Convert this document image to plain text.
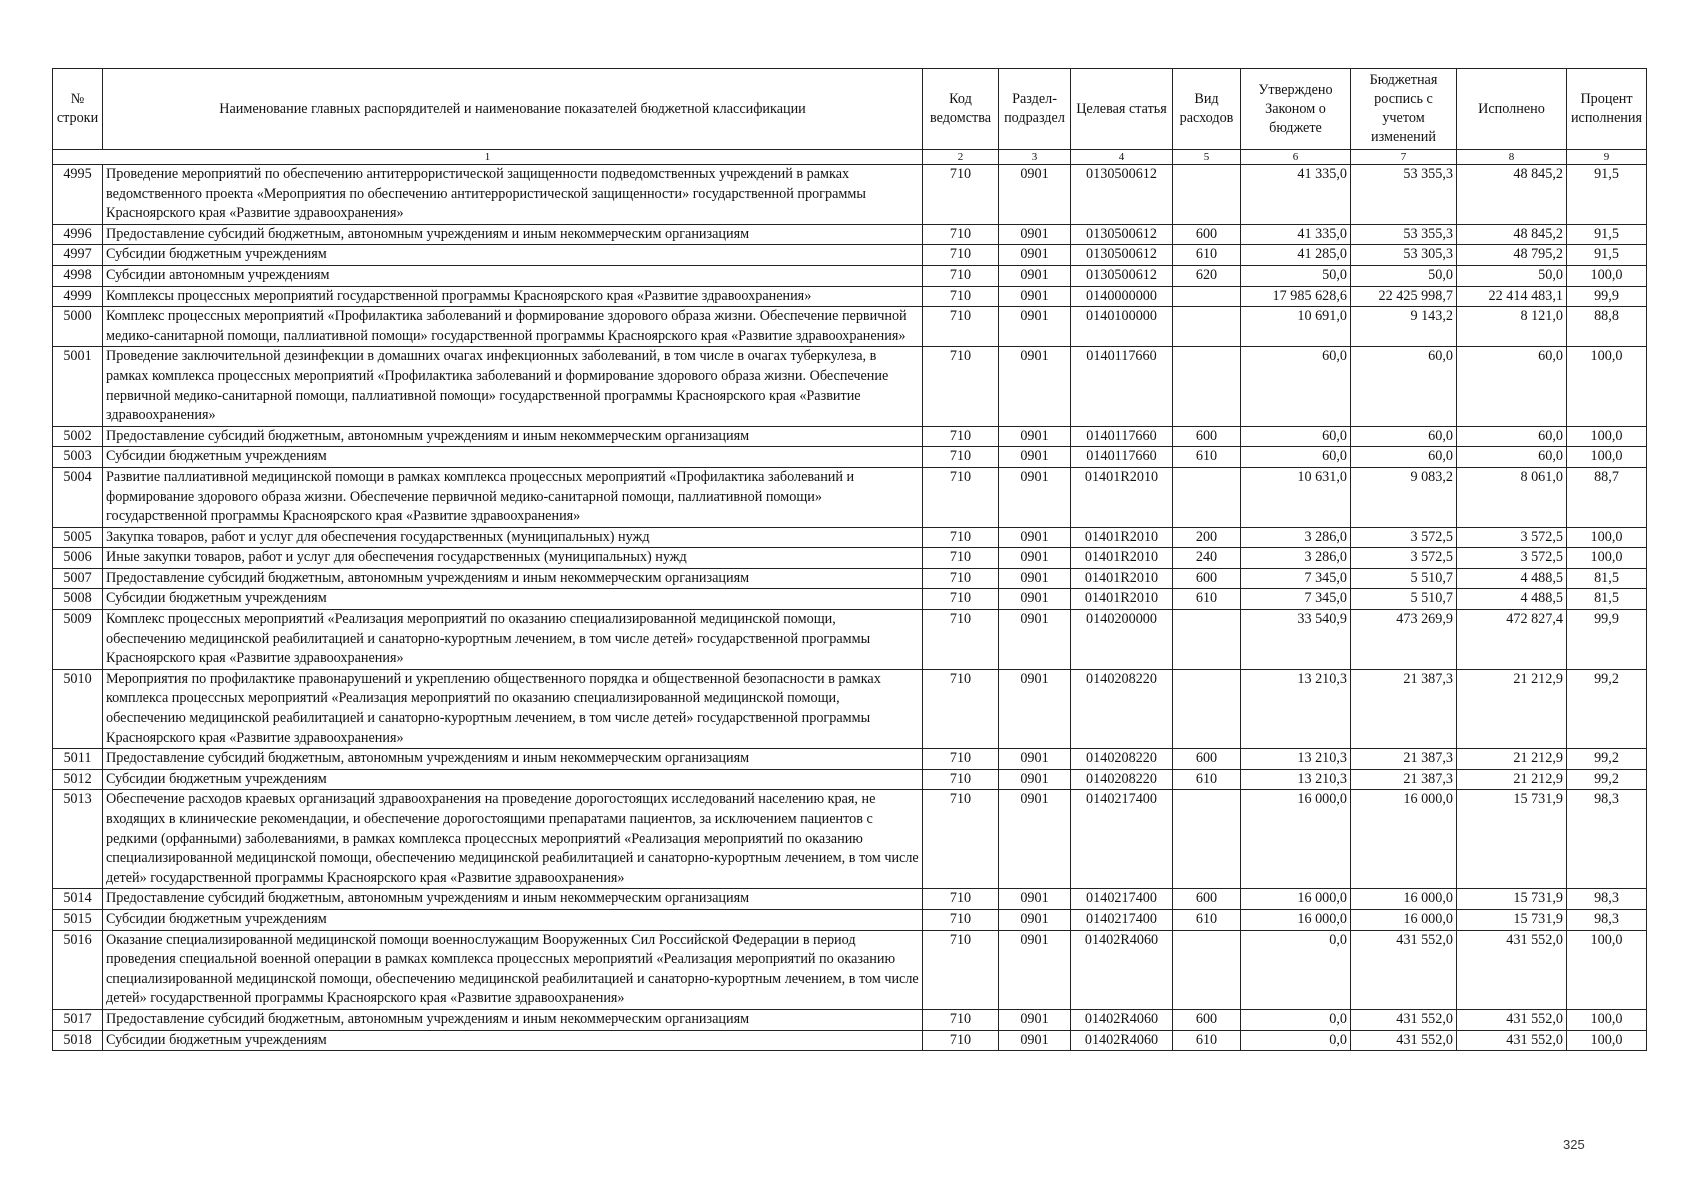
№ строки	Наименование главных распорядителей и наименование показателей бюджетной классификации	Код ведомства	Раздел-подраздел	Целевая статья	Вид расходов	Утверждено Законом о бюджете	Бюджетная роспись с учетом изменений	Исполнено	Процент исполнения
1		2	3	4	5	6	7	8	9
4995	Проведение мероприятий по обеспечению антитеррористической защищенности подведомственных учреждений в рамках ведомственного проекта «Мероприятия по обеспечению антитеррористической защищенности» государственной программы Красноярского края «Развитие здравоохранения»	710	0901	0130500612		41 335,0	53 355,3	48 845,2	91,5
4996	Предоставление субсидий бюджетным, автономным учреждениям и иным некоммерческим организациям	710	0901	0130500612	600	41 335,0	53 355,3	48 845,2	91,5
4997	Субсидии бюджетным учреждениям	710	0901	0130500612	610	41 285,0	53 305,3	48 795,2	91,5
4998	Субсидии автономным учреждениям	710	0901	0130500612	620	50,0	50,0	50,0	100,0
4999	Комплексы процессных мероприятий государственной программы Красноярского края «Развитие здравоохранения»	710	0901	0140000000		17 985 628,6	22 425 998,7	22 414 483,1	99,9
5000	Комплекс процессных мероприятий «Профилактика заболеваний и формирование здорового образа жизни. Обеспечение первичной медико-санитарной помощи, паллиативной помощи» государственной программы Красноярского края «Развитие здравоохранения»	710	0901	0140100000		10 691,0	9 143,2	8 121,0	88,8
5001	Проведение заключительной дезинфекции в домашних очагах инфекционных заболеваний, в том числе в очагах туберкулеза, в рамках комплекса процессных мероприятий «Профилактика заболеваний и формирование здорового образа жизни. Обеспечение первичной медико-санитарной помощи, паллиативной помощи» государственной программы Красноярского края «Развитие здравоохранения»	710	0901	0140117660		60,0	60,0	60,0	100,0
5002	Предоставление субсидий бюджетным, автономным учреждениям и иным некоммерческим организациям	710	0901	0140117660	600	60,0	60,0	60,0	100,0
5003	Субсидии бюджетным учреждениям	710	0901	0140117660	610	60,0	60,0	60,0	100,0
5004	Развитие паллиативной медицинской помощи в рамках комплекса процессных мероприятий «Профилактика заболеваний и формирование здорового образа жизни. Обеспечение первичной медико-санитарной помощи, паллиативной помощи» государственной программы Красноярского края «Развитие здравоохранения»	710	0901	01401R2010		10 631,0	9 083,2	8 061,0	88,7
5005	Закупка товаров, работ и услуг для обеспечения государственных (муниципальных) нужд	710	0901	01401R2010	200	3 286,0	3 572,5	3 572,5	100,0
5006	Иные закупки товаров, работ и услуг для обеспечения государственных (муниципальных) нужд	710	0901	01401R2010	240	3 286,0	3 572,5	3 572,5	100,0
5007	Предоставление субсидий бюджетным, автономным учреждениям и иным некоммерческим организациям	710	0901	01401R2010	600	7 345,0	5 510,7	4 488,5	81,5
5008	Субсидии бюджетным учреждениям	710	0901	01401R2010	610	7 345,0	5 510,7	4 488,5	81,5
5009	Комплекс процессных мероприятий «Реализация мероприятий по оказанию специализированной медицинской помощи, обеспечению медицинской реабилитацией и санаторно-курортным лечением, в том числе детей» государственной программы Красноярского края «Развитие здравоохранения»	710	0901	0140200000		33 540,9	473 269,9	472 827,4	99,9
5010	Мероприятия по профилактике правонарушений и укреплению общественного порядка и общественной безопасности в рамках комплекса процессных мероприятий «Реализация мероприятий по оказанию специализированной медицинской помощи, обеспечению медицинской реабилитацией и санаторно-курортным лечением, в том числе детей» государственной программы Красноярского края «Развитие здравоохранения»	710	0901	0140208220		13 210,3	21 387,3	21 212,9	99,2
5011	Предоставление субсидий бюджетным, автономным учреждениям и иным некоммерческим организациям	710	0901	0140208220	600	13 210,3	21 387,3	21 212,9	99,2
5012	Субсидии бюджетным учреждениям	710	0901	0140208220	610	13 210,3	21 387,3	21 212,9	99,2
5013	Обеспечение расходов краевых организаций здравоохранения на проведение дорогостоящих исследований населению края, не входящих в клинические рекомендации, и обеспечение дорогостоящими препаратами пациентов, за исключением пациентов с редкими (орфанными) заболеваниями, в рамках комплекса процессных мероприятий «Реализация мероприятий по оказанию специализированной медицинской помощи, обеспечению медицинской реабилитацией и санаторно-курортным лечением, в том числе детей» государственной программы Красноярского края «Развитие здравоохранения»	710	0901	0140217400		16 000,0	16 000,0	15 731,9	98,3
5014	Предоставление субсидий бюджетным, автономным учреждениям и иным некоммерческим организациям	710	0901	0140217400	600	16 000,0	16 000,0	15 731,9	98,3
5015	Субсидии бюджетным учреждениям	710	0901	0140217400	610	16 000,0	16 000,0	15 731,9	98,3
5016	Оказание специализированной медицинской помощи военнослужащим Вооруженных Сил Российской Федерации в период проведения специальной военной операции в рамках комплекса процессных мероприятий «Реализация мероприятий по оказанию специализированной медицинской помощи, обеспечению медицинской реабилитацией и санаторно-курортным лечением, в том числе детей» государственной программы Красноярского края «Развитие здравоохранения»	710	0901	01402R4060		0,0	431 552,0	431 552,0	100,0
5017	Предоставление субсидий бюджетным, автономным учреждениям и иным некоммерческим организациям	710	0901	01402R4060	600	0,0	431 552,0	431 552,0	100,0
5018	Субсидии бюджетным учреждениям	710	0901	01402R4060	610	0,0	431 552,0	431 552,0	100,0
325
